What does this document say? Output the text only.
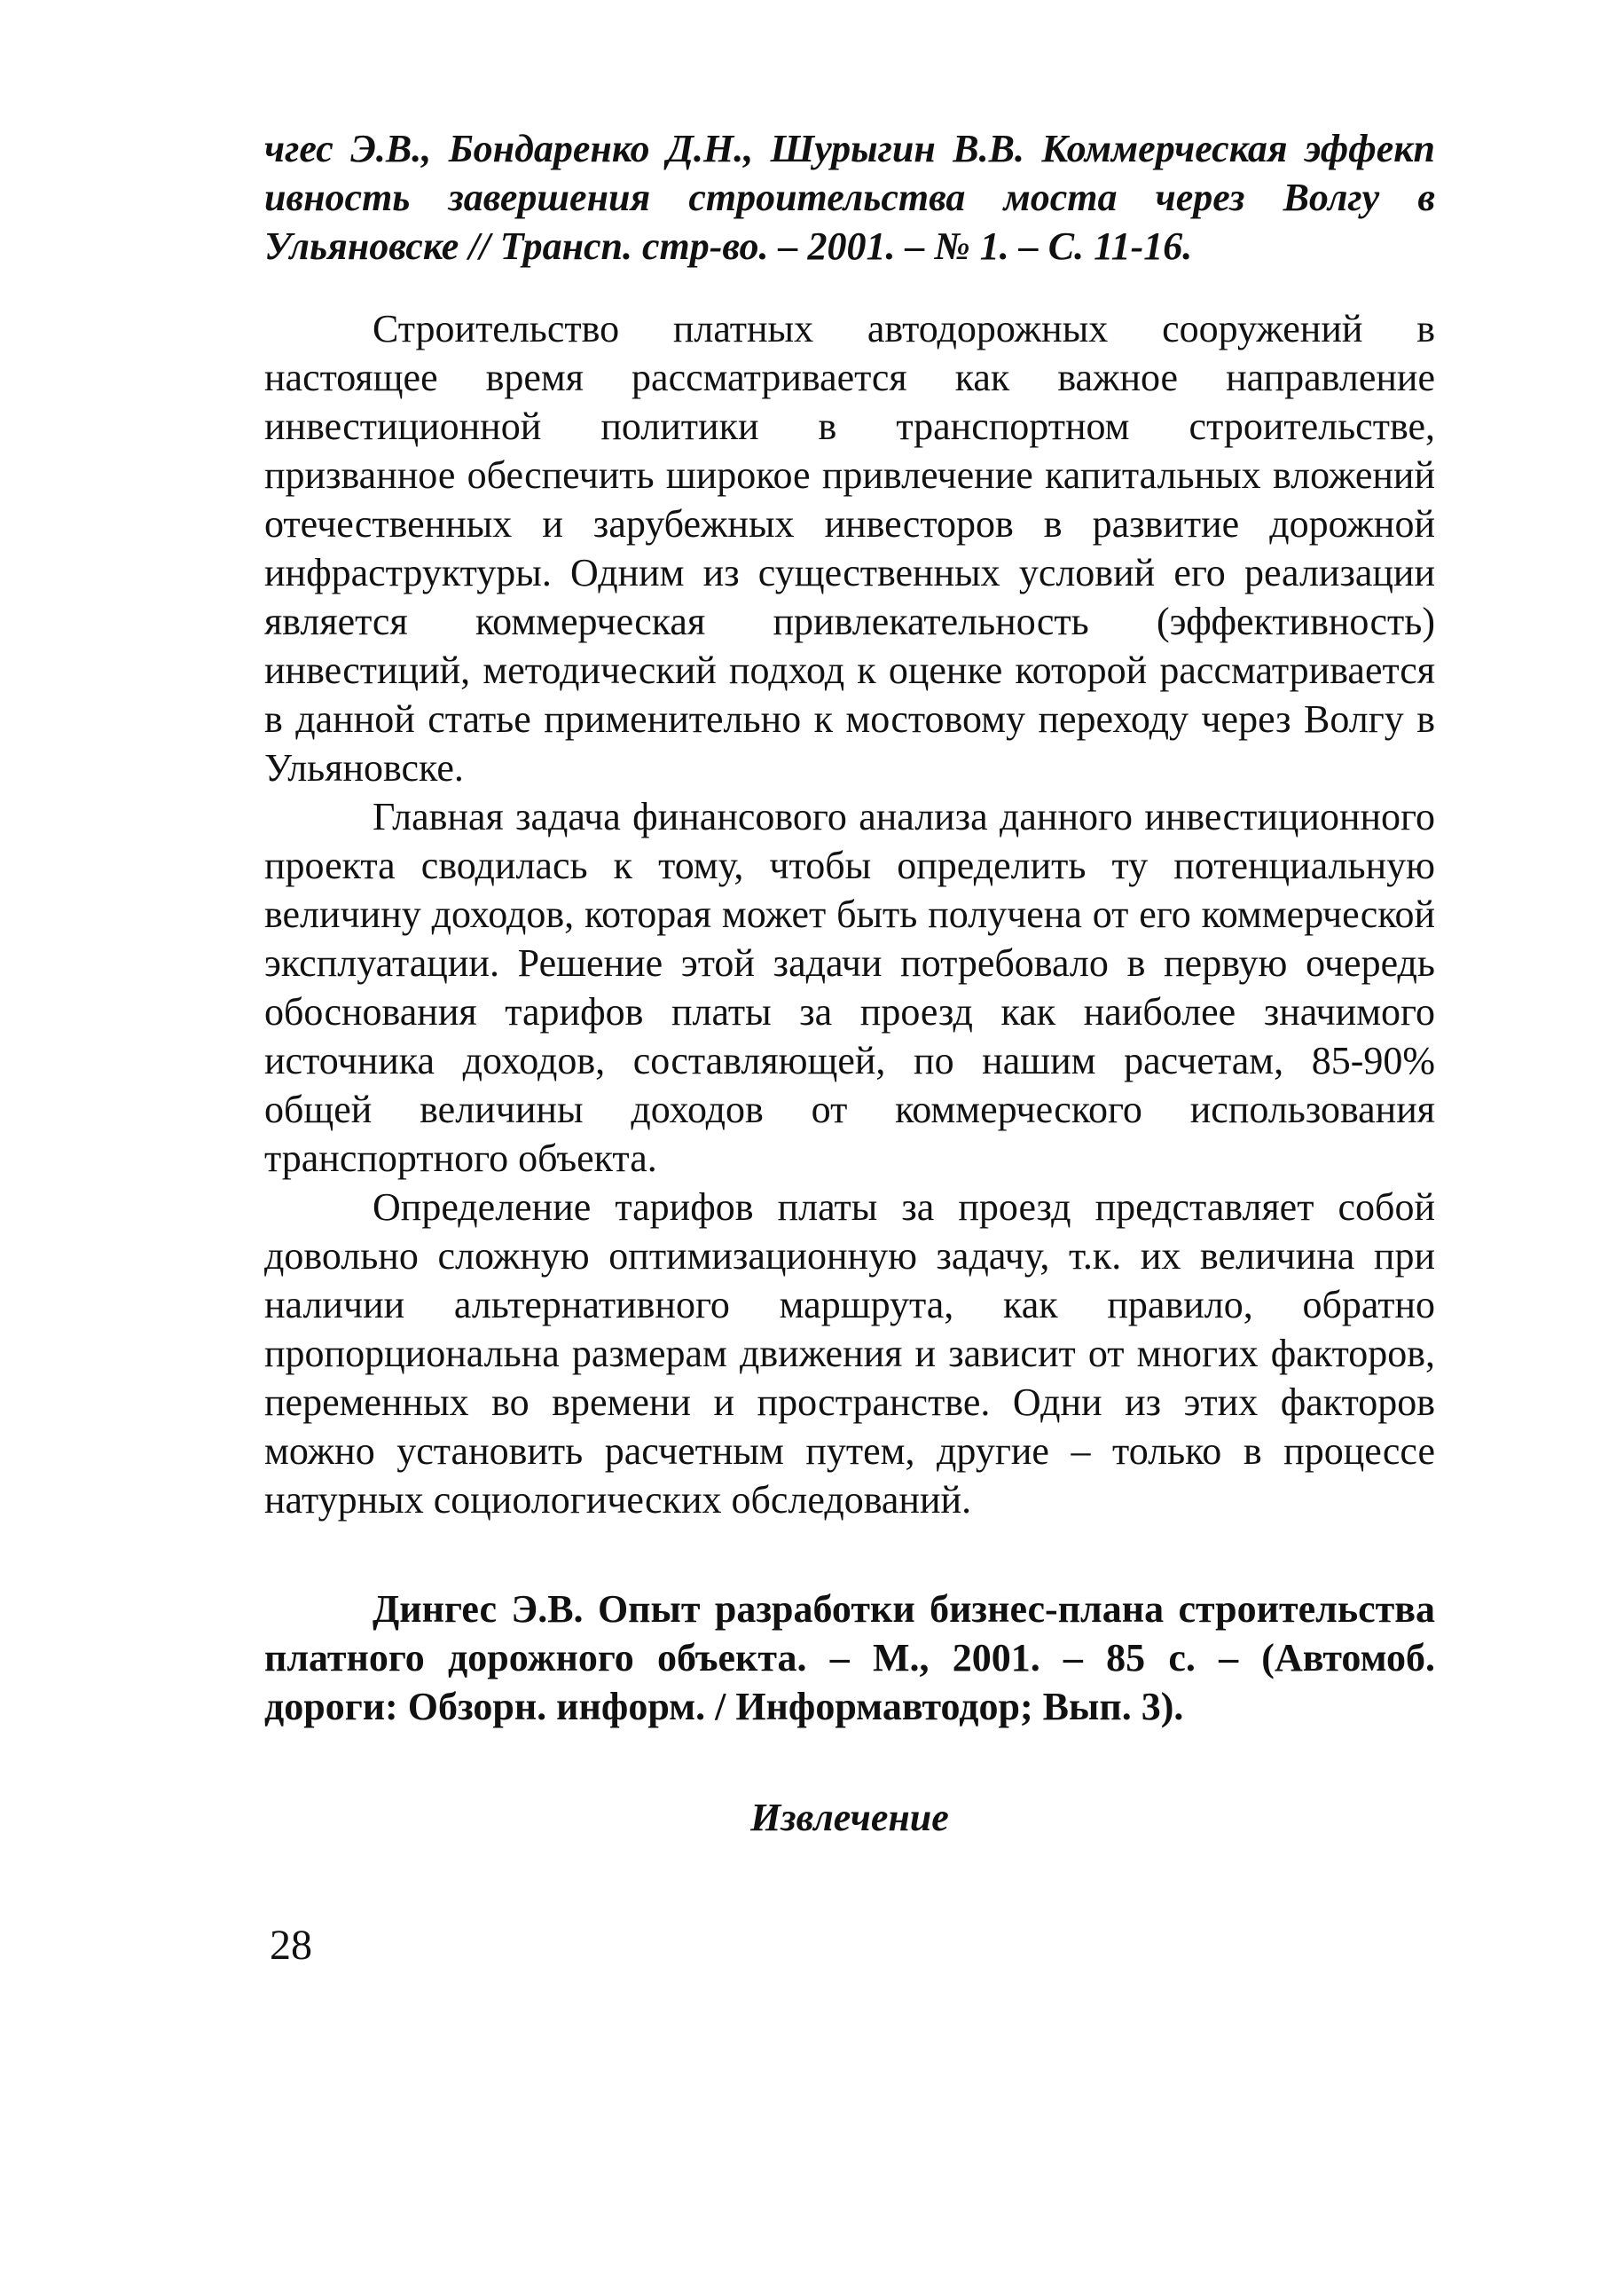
чгес Э.В., Бондаренко Д.Н., Шурыгин В.В. Коммерческая эффекп ивность завершения строительства моста через Волгу в Ульяновске // Трансп. стр-во. – 2001. – № 1. – С. 11-16.

Строительство платных автодорожных сооружений в настоящее время рассматривается как важное направление инвестиционной политики в транспортном строительстве, призванное обеспечить широкое привлечение капитальных вложений отечественных и зарубежных инвесторов в развитие дорожной инфраструктуры. Одним из существенных условий его реализации является коммерческая привлекательность (эффективность) инвестиций, методический подход к оценке которой рассматривается в данной статье применительно к мостовому переходу через Волгу в Ульяновске.

Главная задача финансового анализа данного инвестиционного проекта сводилась к тому, чтобы определить ту потенциальную величину доходов, которая может быть получена от его коммерческой эксплуатации. Решение этой задачи потребовало в первую очередь обоснования тарифов платы за проезд как наиболее значимого источника доходов, составляющей, по нашим расчетам, 85-90% общей величины доходов от коммерческого использования транспортного объекта.

Определение тарифов платы за проезд представляет собой довольно сложную оптимизационную задачу, т.к. их величина при наличии альтернативного маршрута, как правило, обратно пропорциональна размерам движения и зависит от многих факторов, переменных во времени и пространстве. Одни из этих факторов можно установить расчетным путем, другие – только в процессе натурных социологических обследований.

Дингес Э.В. Опыт разработки бизнес-плана строительства платного дорожного объекта. – М., 2001. – 85 с. – (Автомоб. дороги: Обзорн. информ. / Информавтодор; Вып. 3).

Извлечение

28
